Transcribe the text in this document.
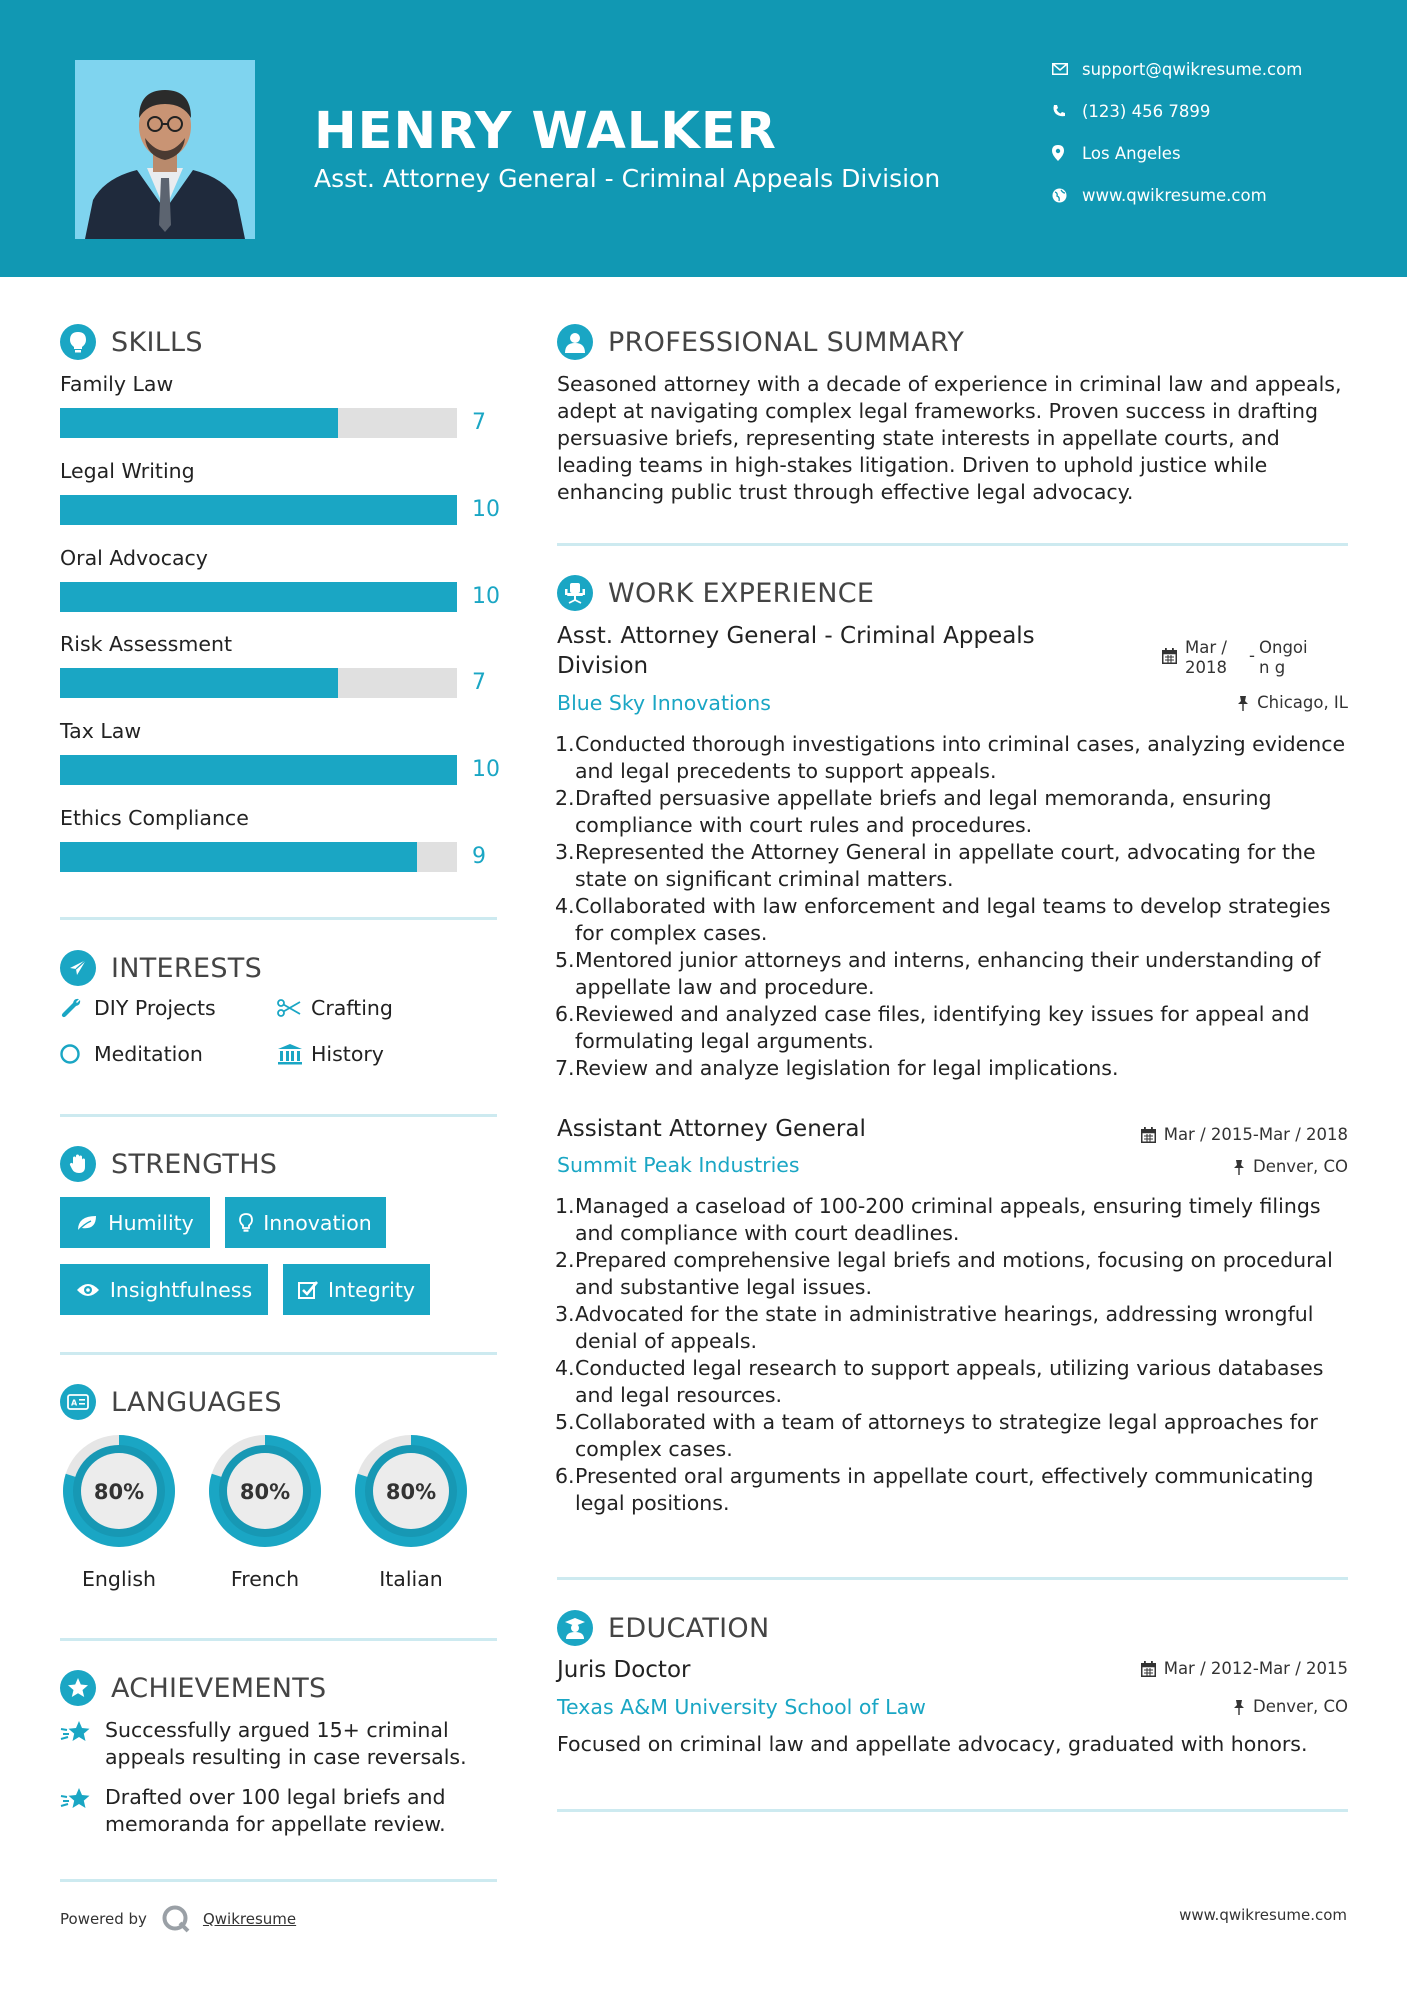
HENRY WALKER
Asst. Attorney General - Criminal Appeals Division
support@qwikresume.com
(123) 456 7899
Los Angeles
www.qwikresume.com
SKILLS
Family Law
7
Legal Writing
10
Oral Advocacy
10
Risk Assessment
7
Tax Law
10
Ethics Compliance
9
INTERESTS
DIY Projects	Crafting
Meditation	History
STRENGTHS
Humility	Innovation
Insightfulness	Integrity
A LANGUAGES
80%	80%	80%
English	French	Italian
ACHIEVEMENTS
Successfully argued 15+ criminal appeals resulting in case reversals.
Drafted over 100 legal briefs and memoranda for appellate review.
PROFESSIONAL SUMMARY
Seasoned attorney with a decade of experience in criminal law and appeals, adept at navigating complex legal frameworks. Proven success in drafting persuasive briefs, representing state interests in appellate courts, and leading teams in high-stakes litigation. Driven to uphold justice while enhancing public trust through effective legal advocacy.
WORK EXPERIENCE
Asst. Attorney General - Criminal Appeals Division
Mar / 2018
- Ongoin g
Blue Sky Innovations	Chicago, IL
1. Conducted thorough investigations into criminal cases, analyzing evidence and legal precedents to support appeals.
2. Drafted persuasive appellate briefs and legal memoranda, ensuring compliance with court rules and procedures.
3. Represented the Attorney General in appellate court, advocating for the state on significant criminal matters.
4. Collaborated with law enforcement and legal teams to develop strategies for complex cases.
5. Mentored junior attorneys and interns, enhancing their understanding of appellate law and procedure.
6. Reviewed and analyzed case files, identifying key issues for appeal and formulating legal arguments.
7. Review and analyze legislation for legal implications.
Assistant Attorney General	Mar / 2015-Mar / 2018
Summit Peak Industries	Denver, CO
1. Managed a caseload of 100-200 criminal appeals, ensuring timely filings and compliance with court deadlines.
2. Prepared comprehensive legal briefs and motions, focusing on procedural and substantive legal issues.
3. Advocated for the state in administrative hearings, addressing wrongful denial of appeals.
4. Conducted legal research to support appeals, utilizing various databases and legal resources.
5. Collaborated with a team of attorneys to strategize legal approaches for complex cases.
6. Presented oral arguments in appellate court, effectively communicating legal positions.
EDUCATION
Juris Doctor	Mar / 2012-Mar / 2015
Texas A&M University School of Law	Denver, CO
Focused on criminal law and appellate advocacy, graduated with honors.
Powered by	Qwikresume	www.qwikresume.com
